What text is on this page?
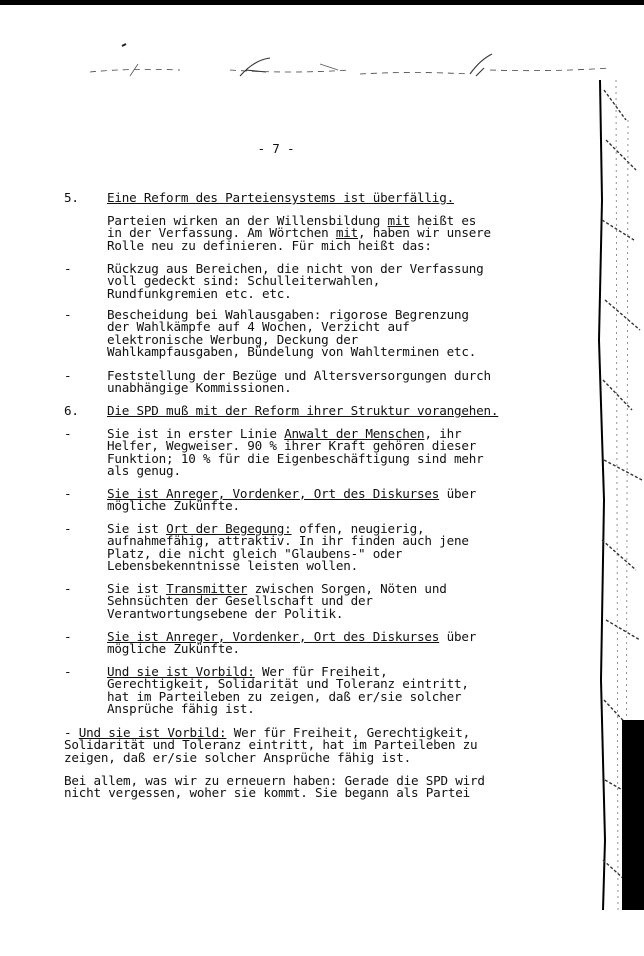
- 7 -
5. Eine Reform des Parteiensystems ist überfällig.
Parteien wirken an der Willensbildung mit heißt es
in der Verfassung. Am Wörtchen mit, haben wir unsere
Rolle neu zu definieren. Für mich heißt das:
-	Rückzug aus Bereichen, die nicht von der Verfassung
voll gedeckt sind: Schulleiterwahlen,
Rundfunkgremien etc. etc.
-	Bescheidung bei Wahlausgaben: rigorose Begrenzung
der Wahlkämpfe auf 4 Wochen, Verzicht auf
elektronische Werbung, Deckung der
Wahlkampfausgaben, Bündelung von Wahlterminen etc.
-	Feststellung der Bezüge und Altersversorgungen durch
unabhängige Kommissionen.
6. Die SPD muß mit der Reform ihrer Struktur vorangehen.
-	Sie ist in erster Linie Anwalt der Menschen, ihr
Helfer, Wegweiser. 90 % ihrer Kraft gehören dieser
Funktion; 10 % für die Eigenbeschäftigung sind mehr
als genug.
-	Sie ist Anreger, Vordenker, Ort des Diskurses über
mögliche Zukünfte.
-	Sie ist Ort der Begegung: offen, neugierig,
aufnahmefähig, attraktiv. In ihr finden auch jene
Platz, die nicht gleich "Glaubens-" oder
Lebensbekenntnisse leisten wollen.
-	Sie ist Transmitter zwischen Sorgen, Nöten und
Sehnsüchten der Gesellschaft und der
Verantwortungsebene der Politik.
-	Sie ist Anreger, Vordenker, Ort des Diskurses über
mögliche Zukünfte.
-	Und sie ist Vorbild: Wer für Freiheit,
Gerechtigkeit, Solidarität und Toleranz eintritt,
hat im Parteileben zu zeigen, daß er/sie solcher
Ansprüche fähig ist.
- Und sie ist Vorbild: Wer für Freiheit, Gerechtigkeit,
Solidarität und Toleranz eintritt, hat im Parteileben zu
zeigen, daß er/sie solcher Ansprüche fähig ist.
Bei allem, was wir zu erneuern haben: Gerade die SPD wird
nicht vergessen, woher sie kommt. Sie begann als Partei
